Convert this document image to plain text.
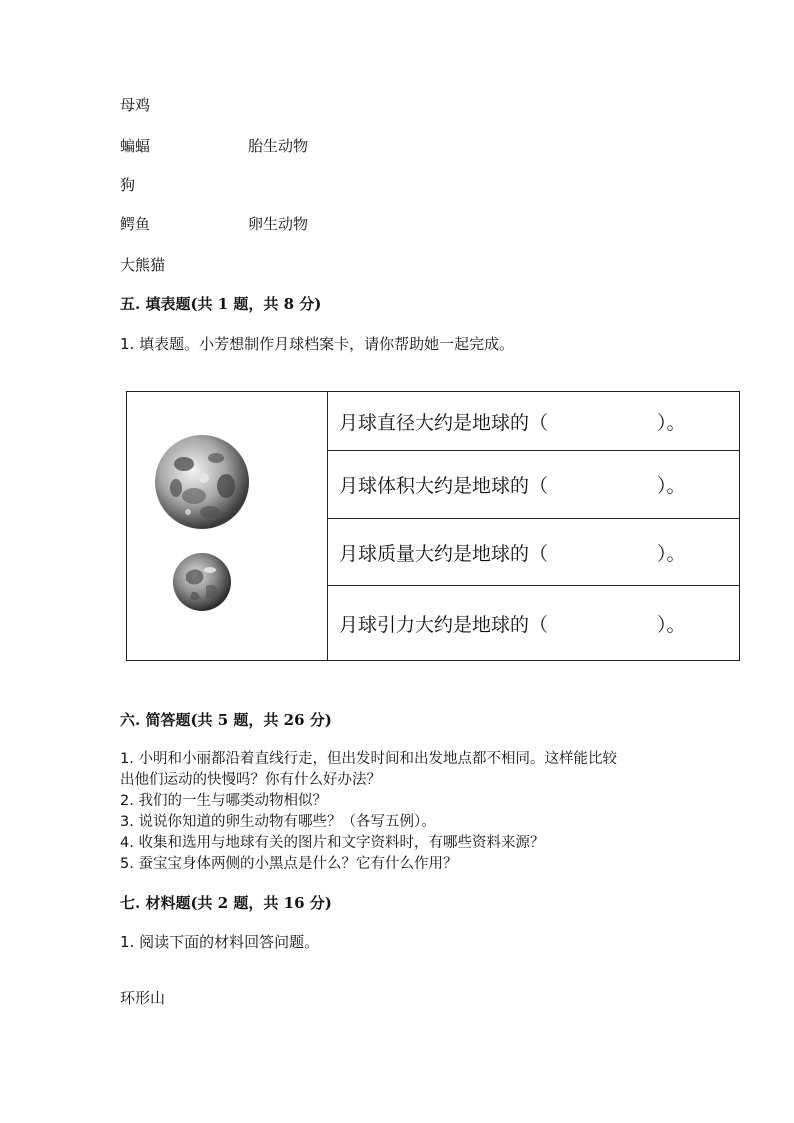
母鸡
蝙蝠	胎生动物
狗
鳄鱼	卵生动物
大熊猫
五. 填表题(共 1 题，共 8 分)
1. 填表题。小芳想制作月球档案卡，请你帮助她一起完成。
月球直径大约是地球的（	）。
月球体积大约是地球的（	）。
月球质量大约是地球的（	）。
月球引力大约是地球的（	）。
六. 简答题(共 5 题，共 26 分)
1. 小明和小丽都沿着直线行走，但出发时间和出发地点都不相同。这样能比较
出他们运动的快慢吗？你有什么好办法？
2. 我们的一生与哪类动物相似？
3. 说说你知道的卵生动物有哪些？（各写五例）。
4. 收集和选用与地球有关的图片和文字资料时，有哪些资料来源？
5. 蚕宝宝身体两侧的小黑点是什么？它有什么作用？
七. 材料题(共 2 题，共 16 分)
1. 阅读下面的材料回答问题。
环形山
